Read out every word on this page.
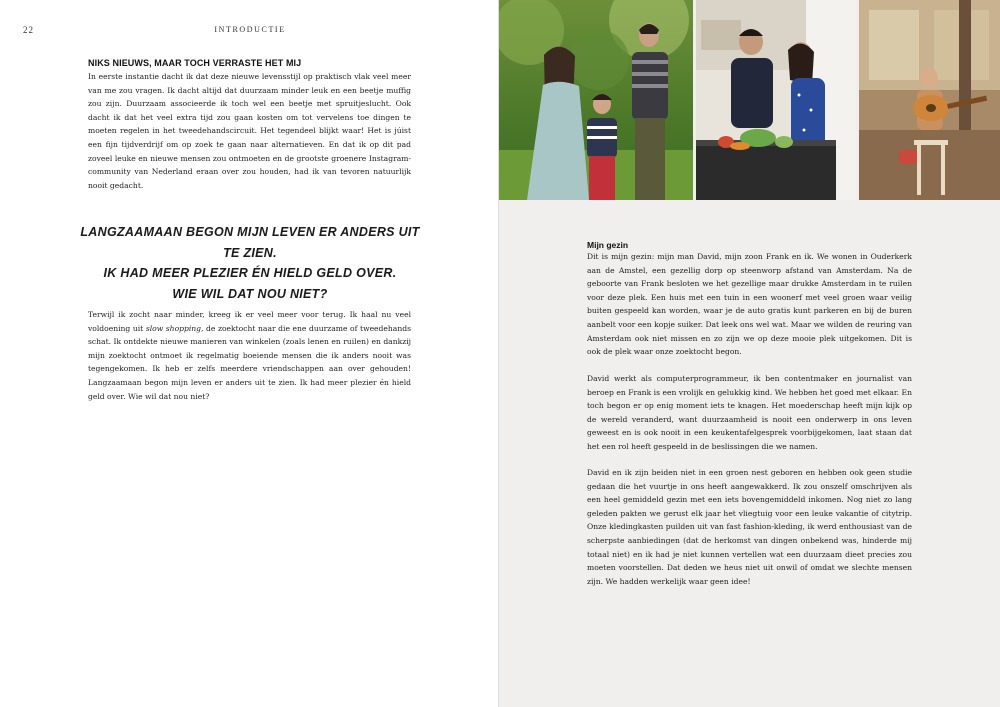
22	INTRODUCTIE
NIKS NIEUWS, MAAR TOCH VERRASTE HET MIJ

In eerste instantie dacht ik dat deze nieuwe levensstijl op praktisch vlak veel meer van me zou vragen. Ik dacht altijd dat duurzaam minder leuk en een beetje muffig zou zijn. Duurzaam associeerde ik toch wel een beetje met spruitjeslucht. Ook dacht ik dat het veel extra tijd zou gaan kosten om tot vervelens toe dingen te moeten regelen in het tweedehandscircuit. Het tegendeel blijkt waar! Het is júist een fijn tijdverdrijf om op zoek te gaan naar alternatieven. En dat ik op dit pad zoveel leuke en nieuwe mensen zou ontmoeten en de grootste groenere Instagram-community van Nederland eraan over zou houden, had ik van tevoren natuurlijk nooit gedacht.

LANGZAAMAAN BEGON MIJN LEVEN ER ANDERS UIT TE ZIEN.
IK HAD MEER PLEZIER ÉN HIELD GELD OVER.
WIE WIL DAT NOU NIET?

Terwijl ik zocht naar minder, kreeg ik er veel meer voor terug. Ik haal nu veel voldoening uit slow shopping, de zoektocht naar die ene duurzame of tweedehands schat. Ik ontdekte nieuwe manieren van winkelen (zoals lenen en ruilen) en dankzij mijn zoektocht ontmoet ik regelmatig boeiende mensen die ik anders nooit was tegengekomen. Ik heb er zelfs meerdere vriendschappen aan over gehouden! Langzaamaan begon mijn leven er anders uit te zien. Ik had meer plezier én hield geld over. Wie wil dat nou niet?

Mijn gezin

Dit is mijn gezin: mijn man David, mijn zoon Frank en ik. We wonen in Ouderkerk aan de Amstel, een gezellig dorp op steenworp afstand van Amsterdam. Na de geboorte van Frank besloten we het gezellige maar drukke Amsterdam in te ruilen voor deze plek. Een huis met een tuin in een woonerf met veel groen waar veilig buiten gespeeld kan worden, waar je de auto gratis kunt parkeren en bij de buren aanbelt voor een kopje suiker. Dat leek ons wel wat. Maar we wilden de reuring van Amsterdam ook niet missen en zo zijn we op deze mooie plek uitgekomen. Dit is ook de plek waar onze zoektocht begon.

David werkt als computerprogrammeur, ik ben contentmaker en journalist van beroep en Frank is een vrolijk en gelukkig kind. We hebben het goed met elkaar. En toch begon er op enig moment iets te knagen. Het moederschap heeft mijn kijk op de wereld veranderd, want duurzaamheid is nooit een onderwerp in ons leven geweest en is ook nooit in een keukentafelgesprek voorbijgekomen, laat staan dat het een rol heeft gespeeld in de beslissingen die we namen.

David en ik zijn beiden niet in een groen nest geboren en hebben ook geen studie gedaan die het vuurtje in ons heeft aangewakkerd. Ik zou onszelf omschrijven als een heel gemiddeld gezin met een iets bovengemiddeld inkomen. Nog niet zo lang geleden pakten we gerust elk jaar het vliegtuig voor een leuke vakantie of citytrip. Onze kledingkasten puilden uit van fast fashion-kleding, ik werd enthousiast van de scherpste aanbiedingen (dat de herkomst van dingen onbekend was, hinderde mij totaal niet) en ik had je niet kunnen vertellen wat een duurzaam dieet precies zou moeten voorstellen. Dat deden we heus niet uit onwil of omdat we slechte mensen zijn. We hadden werkelijk waar geen idee!
